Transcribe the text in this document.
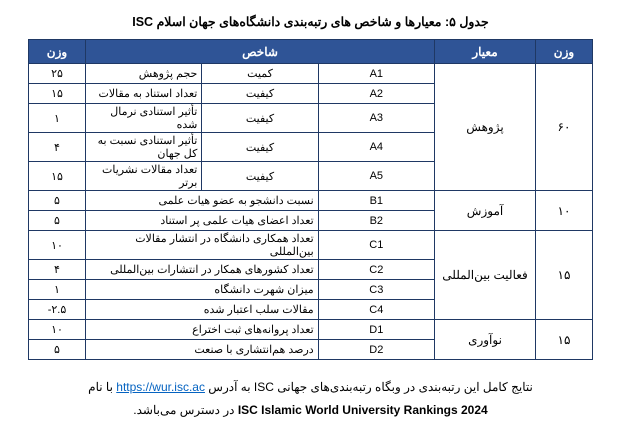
جدول ۵: معیارها و شاخص های رتبه‌بندی دانشگاه‌های جهان اسلام ISC
وزن	معیار	شاخص			وزن
۶۰	پژوهش	A1	کمیت	حجم پژوهش	۲۵
		A2	کیفیت	تعداد استناد به مقالات	۱۵
		A3	کیفیت	تأثیر استنادی نرمال شده	۱
		A4	کیفیت	تأثیر استنادی نسبت به کل جهان	۴
		A5	کیفیت	تعداد مقالات نشریات برتر	۱۵
۱۰	آموزش	B1	نسبت دانشجو به عضو هیات علمی		۵
		B2	تعداد اعضای هیات علمی پر استناد		۵
۱۵	فعالیت بین‌المللی	C1	تعداد همکاری دانشگاه در انتشار مقالات بین‌المللی		۱۰
		C2	تعداد کشورهای همکار در انتشارات بین‌المللی		۴
		C3	میزان شهرت دانشگاه		۱
		C4	مقالات سلب اعتبار شده		۲.۵-
۱۵	نوآوری	D1	تعداد پروانه‌های ثبت اختراع		۱۰
		D2	درصد هم‌انتشاری با صنعت		۵
نتایج کامل این رتبه‌بندی در وبگاه رتبه‌بندی‌های جهانی ISC به آدرس https://wur.isc.ac با نام
ISC Islamic World University Rankings 2024 در دسترس می‌باشد.
